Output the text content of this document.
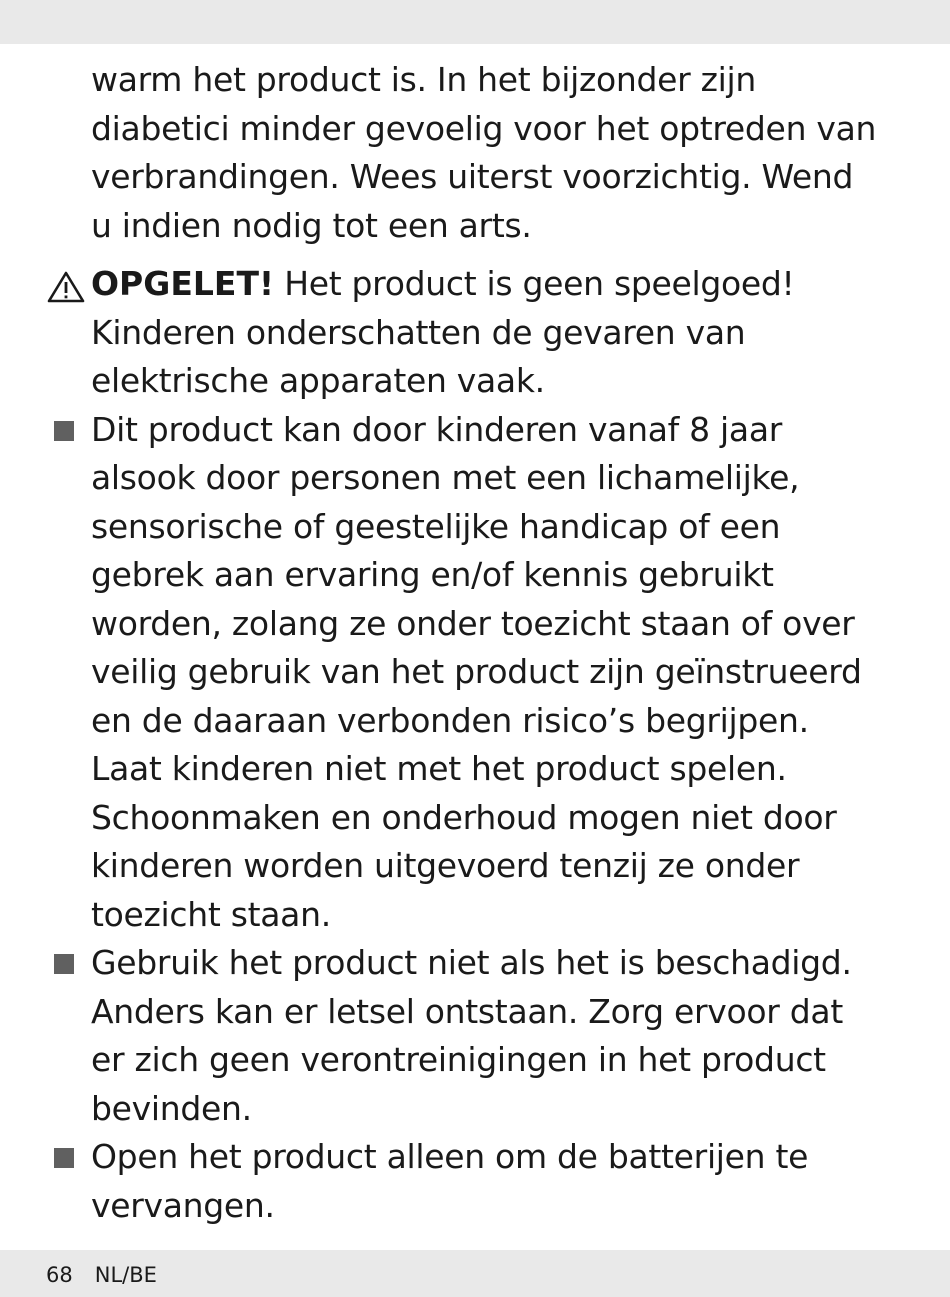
warm het product is. In het bijzonder zijn diabetici minder gevoelig voor het optreden van verbrandingen. Wees uiterst voorzichtig. Wend u indien nodig tot een arts.
OPGELET! Het product is geen speelgoed! Kinderen onderschatten de gevaren van elektrische apparaten vaak.
Dit product kan door kinderen vanaf 8 jaar alsook door personen met een lichamelijke, sensorische of geestelijke handicap of een gebrek aan ervaring en/of kennis gebruikt worden, zolang ze onder toezicht staan of over veilig gebruik van het product zijn geïnstrueerd en de daaraan verbonden risico’s begrijpen. Laat kinderen niet met het product spelen. Schoonmaken en onderhoud mogen niet door kinderen worden uitgevoerd tenzij ze onder toezicht staan.
Gebruik het product niet als het is beschadigd. Anders kan er letsel ontstaan. Zorg ervoor dat er zich geen verontreinigingen in het product bevinden.
Open het product alleen om de batterijen te vervangen.
68 NL/BE
